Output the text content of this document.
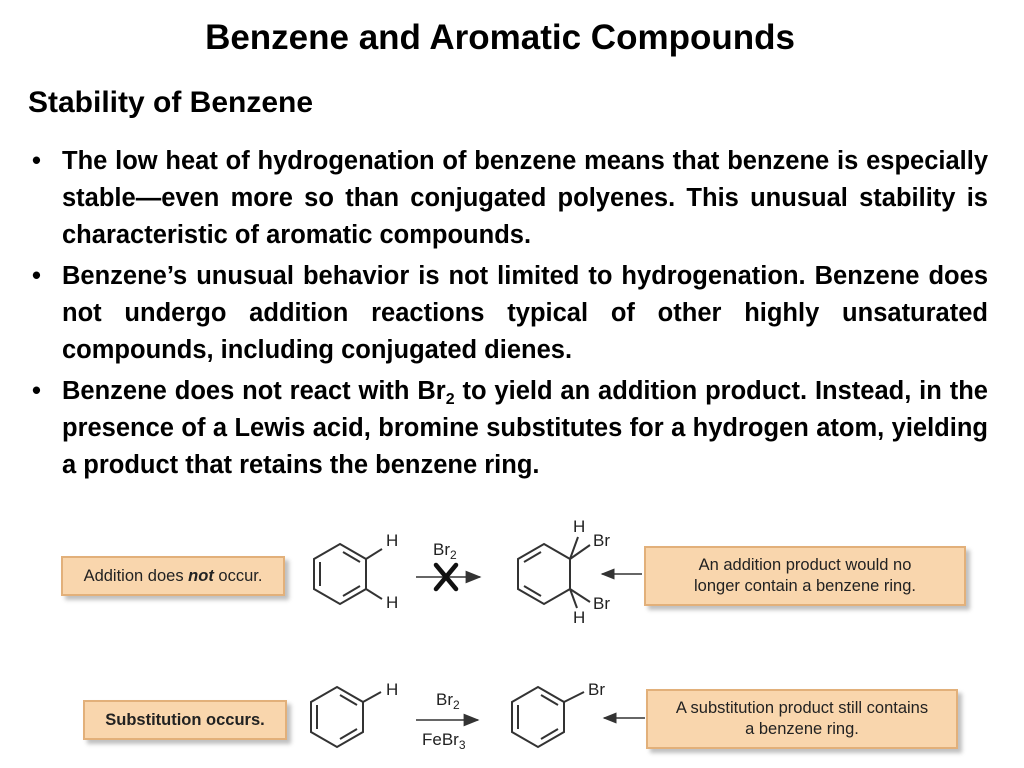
Benzene and Aromatic Compounds
Stability of Benzene
• The low heat of hydrogenation of benzene means that benzene is especially stable—even more so than conjugated polyenes. This unusual stability is characteristic of aromatic compounds.
• Benzene’s unusual behavior is not limited to hydrogenation. Benzene does not undergo addition reactions typical of other highly unsaturated compounds, including conjugated dienes.
• Benzene does not react with $Br_2$ to yield an addition product. Instead, in the presence of a Lewis acid, bromine substitutes for a hydrogen atom, yielding a product that retains the benzene ring.
H
H
$Br_2$
H
Br
Br
H
H
$Br_2$
FeBr$_3$
Br
Addition does not occur.
An addition product would no longer contain a benzene ring.
Substitution occurs.
A substitution product still contains a benzene ring.
